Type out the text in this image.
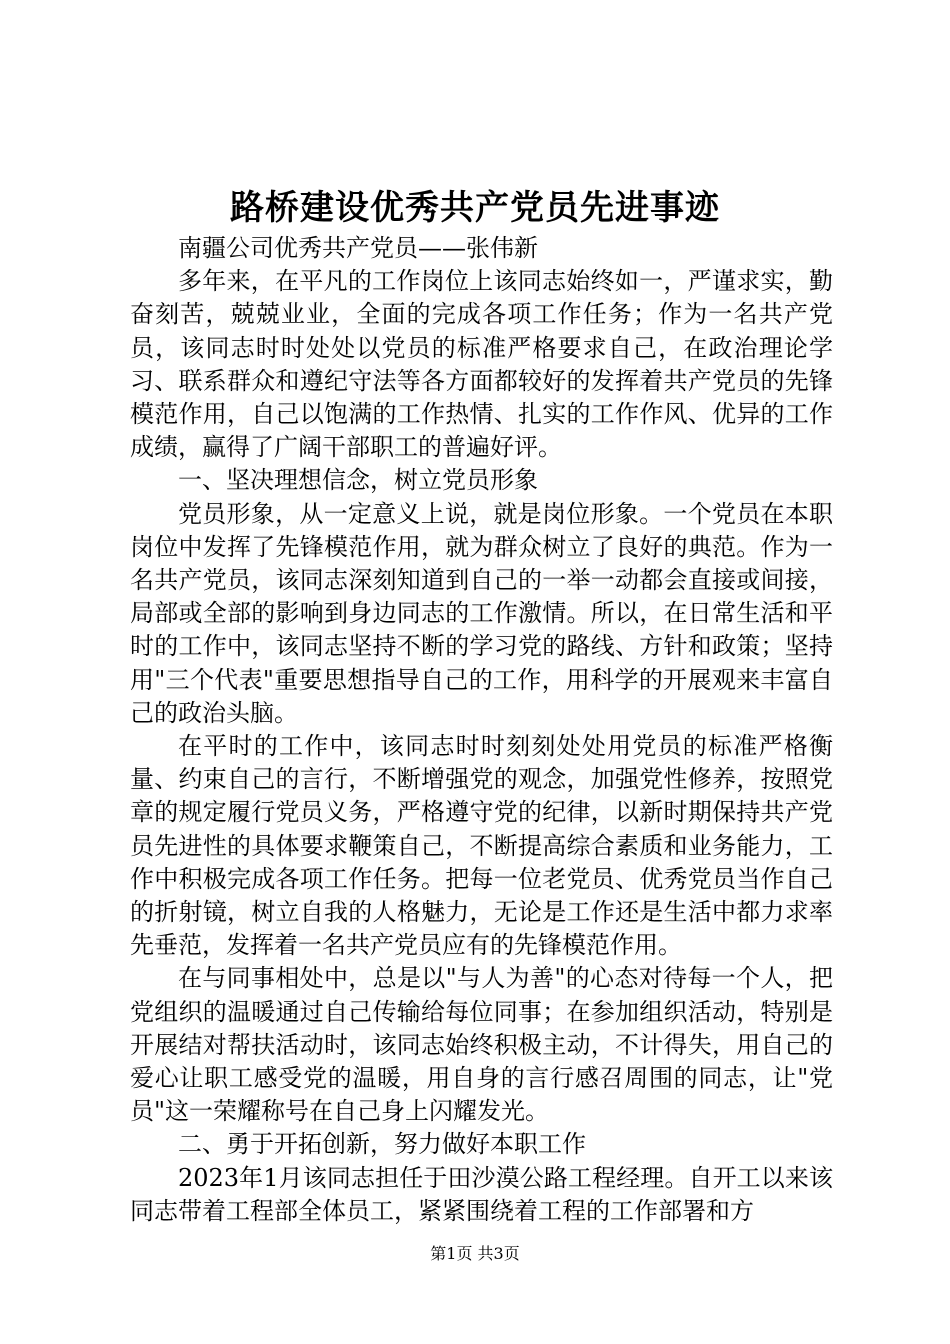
路桥建设优秀共产党员先进事迹

南疆公司优秀共产党员——张伟新

多年来，在平凡的工作岗位上该同志始终如一，严谨求实，勤奋刻苦，兢兢业业，全面的完成各项工作任务；作为一名共产党员，该同志时时处处以党员的标准严格要求自己，在政治理论学习、联系群众和遵纪守法等各方面都较好的发挥着共产党员的先锋模范作用，自己以饱满的工作热情、扎实的工作作风、优异的工作成绩，赢得了广阔干部职工的普遍好评。

一、坚决理想信念，树立党员形象

党员形象，从一定意义上说，就是岗位形象。一个党员在本职岗位中发挥了先锋模范作用，就为群众树立了良好的典范。作为一名共产党员，该同志深刻知道到自己的一举一动都会直接或间接，局部或全部的影响到身边同志的工作激情。所以，在日常生活和平时的工作中，该同志坚持不断的学习党的路线、方针和政策；坚持用"三个代表"重要思想指导自己的工作，用科学的开展观来丰富自己的政治头脑。

在平时的工作中，该同志时时刻刻处处用党员的标准严格衡量、约束自己的言行，不断增强党的观念，加强党性修养，按照党章的规定履行党员义务，严格遵守党的纪律，以新时期保持共产党员先进性的具体要求鞭策自己，不断提高综合素质和业务能力，工作中积极完成各项工作任务。把每一位老党员、优秀党员当作自己的折射镜，树立自我的人格魅力，无论是工作还是生活中都力求率先垂范，发挥着一名共产党员应有的先锋模范作用。

在与同事相处中，总是以"与人为善"的心态对待每一个人，把党组织的温暖通过自己传输给每位同事；在参加组织活动，特别是开展结对帮扶活动时，该同志始终积极主动，不计得失，用自己的爱心让职工感受党的温暖，用自身的言行感召周围的同志，让"党员"这一荣耀称号在自己身上闪耀发光。

二、勇于开拓创新，努力做好本职工作

2023年1月该同志担任于田沙漠公路工程经理。自开工以来该同志带着工程部全体员工，紧紧围绕着工程的工作部署和方

第1页 共3页
